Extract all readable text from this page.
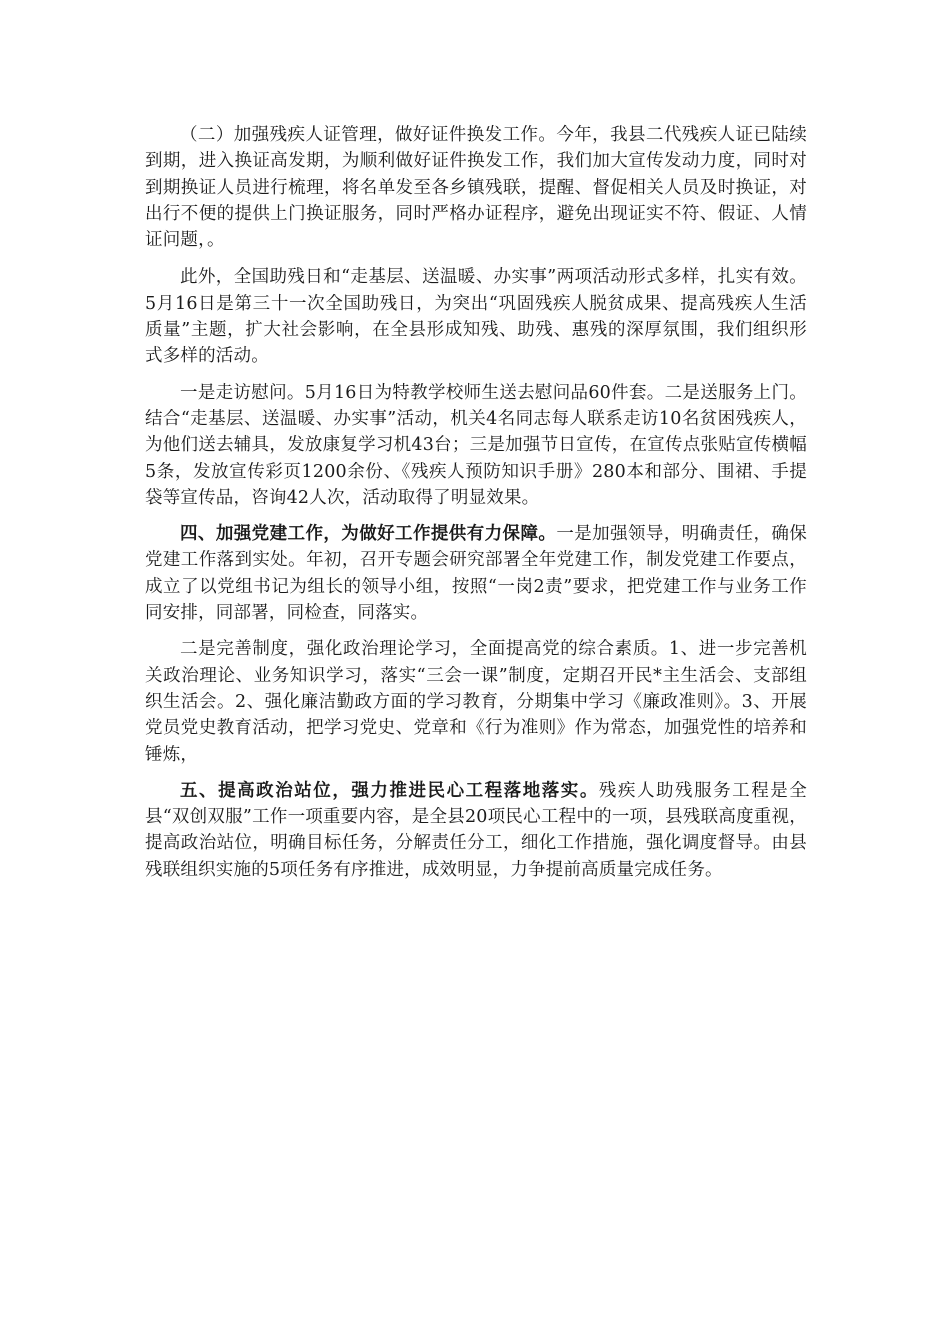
（二）加强残疾人证管理，做好证件换发工作。今年，我县二代残疾人证已陆续到期，进入换证高发期，为顺利做好证件换发工作，我们加大宣传发动力度，同时对到期换证人员进行梳理，将名单发至各乡镇残联，提醒、督促相关人员及时换证，对出行不便的提供上门换证服务，同时严格办证程序，避免出现证实不符、假证、人情证问题，。

此外，全国助残日和“走基层、送温暖、办实事”两项活动形式多样，扎实有效。5月16日是第三十一次全国助残日，为突出“巩固残疾人脱贫成果、提高残疾人生活质量”主题，扩大社会影响，在全县形成知残、助残、惠残的深厚氛围，我们组织形式多样的活动。

一是走访慰问。5月16日为特教学校师生送去慰问品60件套。二是送服务上门。结合“走基层、送温暖、办实事”活动，机关4名同志每人联系走访10名贫困残疾人，为他们送去辅具，发放康复学习机43台；三是加强节日宣传，在宣传点张贴宣传横幅5条，发放宣传彩页1200余份、《残疾人预防知识手册》280本和部分、围裙、手提袋等宣传品，咨询42人次，活动取得了明显效果。

四、加强党建工作，为做好工作提供有力保障。一是加强领导，明确责任，确保党建工作落到实处。年初，召开专题会研究部署全年党建工作，制发党建工作要点，成立了以党组书记为组长的领导小组，按照“一岗2责”要求，把党建工作与业务工作同安排，同部署，同检查，同落实。

二是完善制度，强化政治理论学习，全面提高党的综合素质。1、进一步完善机关政治理论、业务知识学习，落实“三会一课”制度，定期召开民*主生活会、支部组织生活会。2、强化廉洁勤政方面的学习教育，分期集中学习《廉政准则》。3、开展党员党史教育活动，把学习党史、党章和《行为准则》作为常态，加强党性的培养和锤炼，

五、提高政治站位，强力推进民心工程落地落实。残疾人助残服务工程是全县“双创双服”工作一项重要内容，是全县20项民心工程中的一项，县残联高度重视，提高政治站位，明确目标任务，分解责任分工，细化工作措施，强化调度督导。由县残联组织实施的5项任务有序推进，成效明显，力争提前高质量完成任务。
